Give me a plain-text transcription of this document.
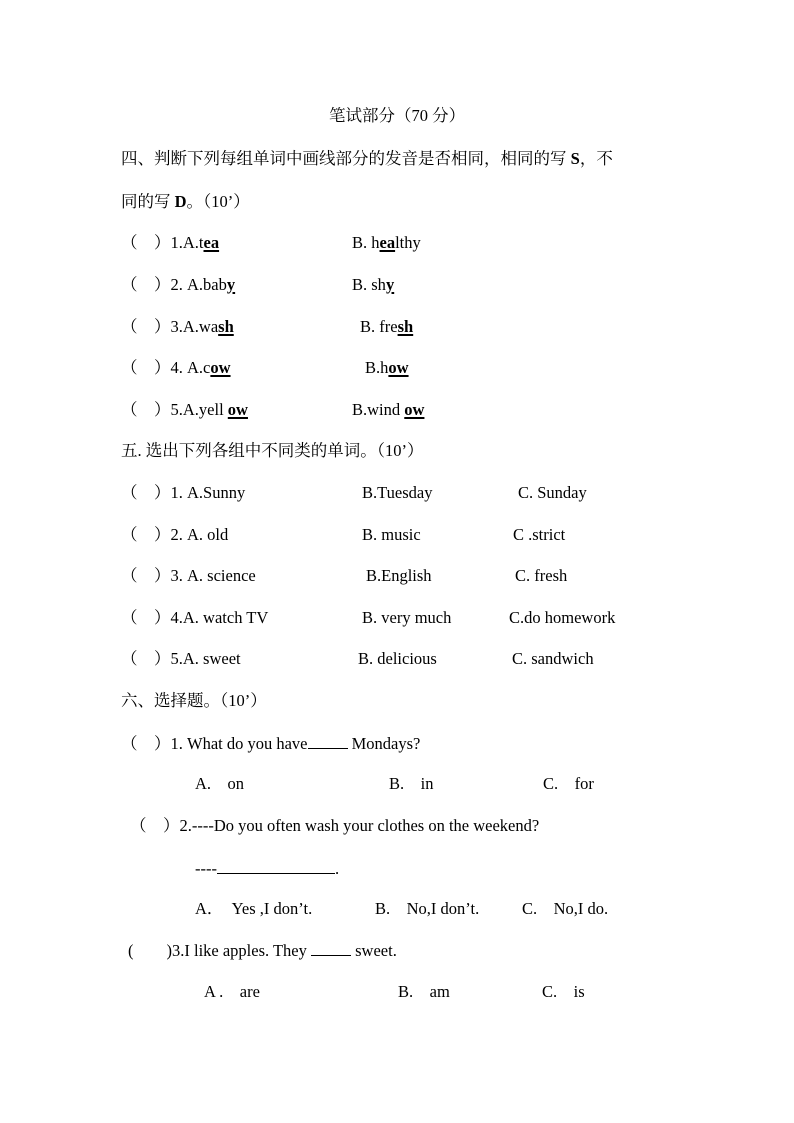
笔试部分（70 分）
四、判断下列每组单词中画线部分的发音是否相同，相同的写 S，不
同的写 D。（10’）
（　）1.A.tea	B. healthy
（　）2. A.baby	B. shy
（　）3.A.wash	B. fresh
（　）4. A.cow	B.how
（　）5.A.yell ow	B.wind ow
五. 选出下列各组中不同类的单词。（10’）
（　）1. A.Sunny	B.Tuesday	C. Sunday
（　）2. A. old	B. music	C .strict
（　）3. A. science	B.English	C. fresh
（　）4.A. watch TV	B. very much	C.do homework
（　）5.A. sweet	B. delicious	C. sandwich
六、选择题。（10’）
（　）1. What do you have Mondays?
A.　on	B.　in	C.　for
（　）2.----Do you often wash your clothes on the weekend?
----	.
A．　Yes ,I don’t.	B.　No,I don’t.	C.　No,I do.
(　　)3.I like apples. They  sweet.
A .　are	B.　am	C.　is
